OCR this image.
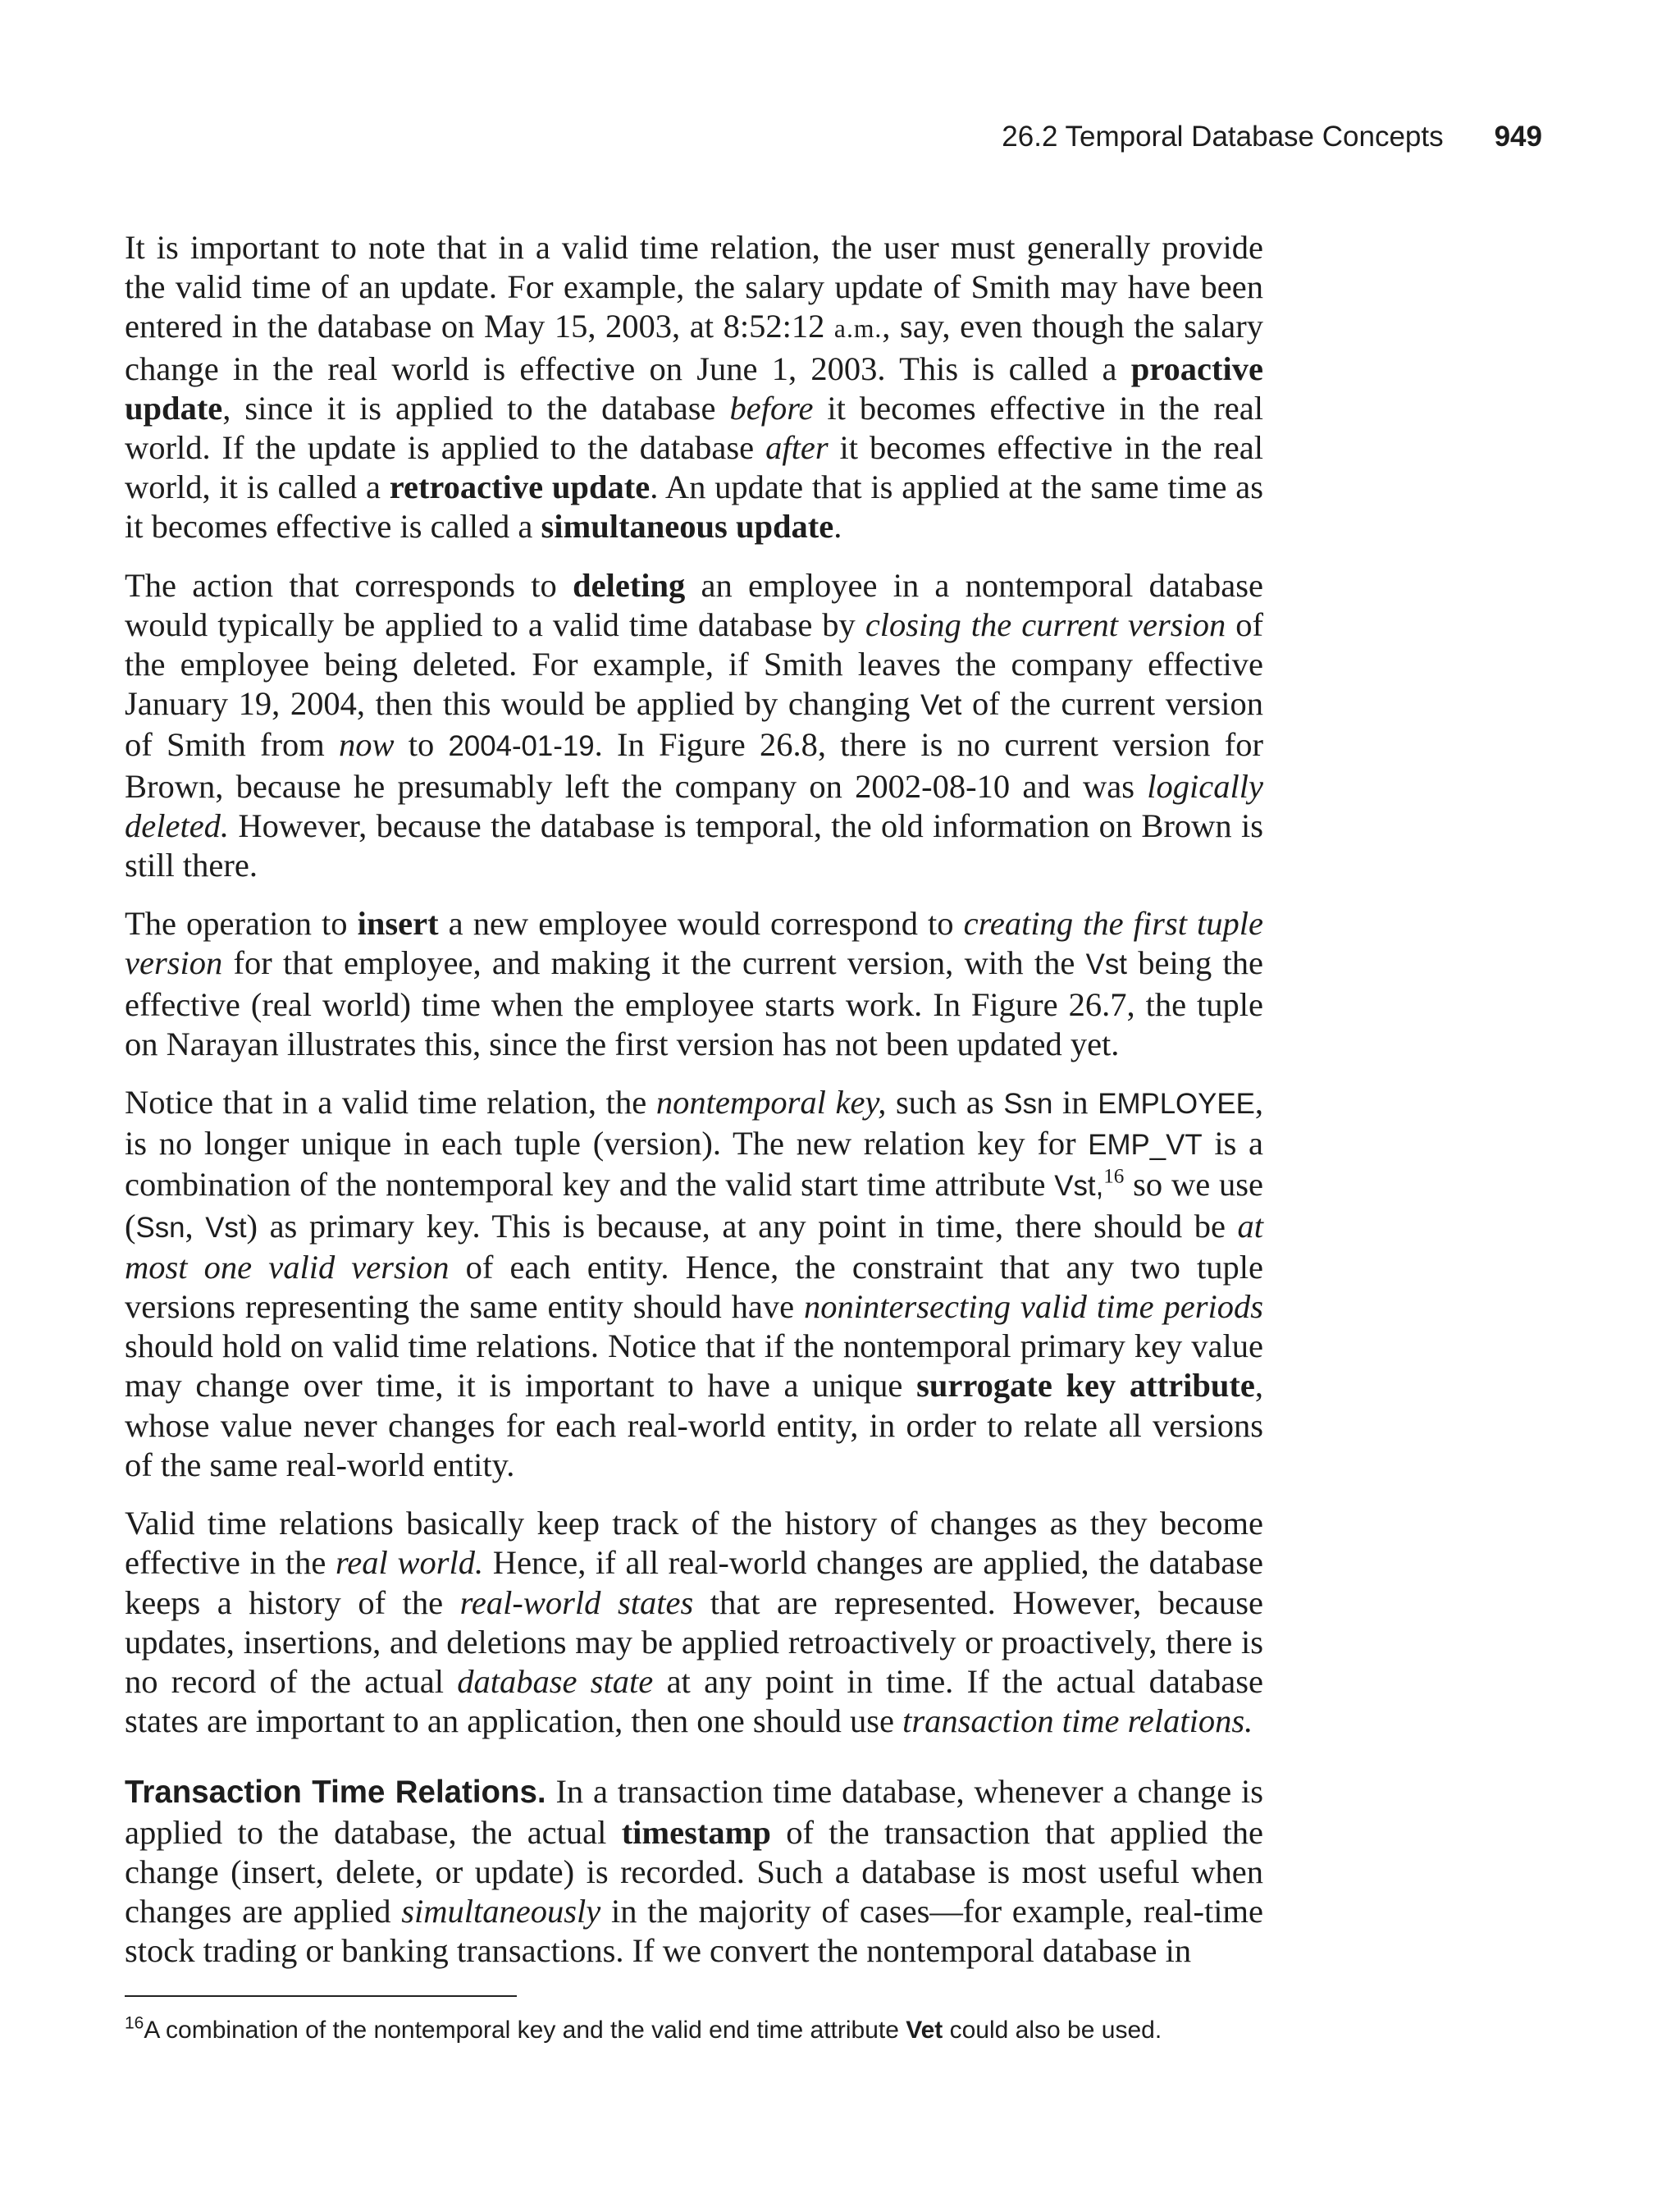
26.2 Temporal Database Concepts 949

It is important to note that in a valid time relation, the user must generally provide the valid time of an update. For example, the salary update of Smith may have been entered in the database on May 15, 2003, at 8:52:12 a.m., say, even though the salary change in the real world is effective on June 1, 2003. This is called a proactive update, since it is applied to the database before it becomes effective in the real world. If the update is applied to the database after it becomes effective in the real world, it is called a retroactive update. An update that is applied at the same time as it becomes effective is called a simultaneous update.

The action that corresponds to deleting an employee in a nontemporal database would typically be applied to a valid time database by closing the current version of the employee being deleted. For example, if Smith leaves the company effective January 19, 2004, then this would be applied by changing Vet of the current version of Smith from now to 2004-01-19. In Figure 26.8, there is no current version for Brown, because he presumably left the company on 2002-08-10 and was logically deleted. However, because the database is temporal, the old information on Brown is still there.

The operation to insert a new employee would correspond to creating the first tuple version for that employee, and making it the current version, with the Vst being the effective (real world) time when the employee starts work. In Figure 26.7, the tuple on Narayan illustrates this, since the first version has not been updated yet.

Notice that in a valid time relation, the nontemporal key, such as Ssn in EMPLOYEE, is no longer unique in each tuple (version). The new relation key for EMP_VT is a combination of the nontemporal key and the valid start time attribute Vst,$^{16}$ so we use (Ssn, Vst) as primary key. This is because, at any point in time, there should be at most one valid version of each entity. Hence, the constraint that any two tuple versions representing the same entity should have nonintersecting valid time periods should hold on valid time relations. Notice that if the nontemporal primary key value may change over time, it is important to have a unique surrogate key attribute, whose value never changes for each real-world entity, in order to relate all versions of the same real-world entity.

Valid time relations basically keep track of the history of changes as they become effective in the real world. Hence, if all real-world changes are applied, the database keeps a history of the real-world states that are represented. However, because updates, insertions, and deletions may be applied retroactively or proactively, there is no record of the actual database state at any point in time. If the actual database states are important to an application, then one should use transaction time relations.

Transaction Time Relations. In a transaction time database, whenever a change is applied to the database, the actual timestamp of the transaction that applied the change (insert, delete, or update) is recorded. Such a database is most useful when changes are applied simultaneously in the majority of cases—for example, real-time stock trading or banking transactions. If we convert the nontemporal database in

$^{16}$A combination of the nontemporal key and the valid end time attribute Vet could also be used.
